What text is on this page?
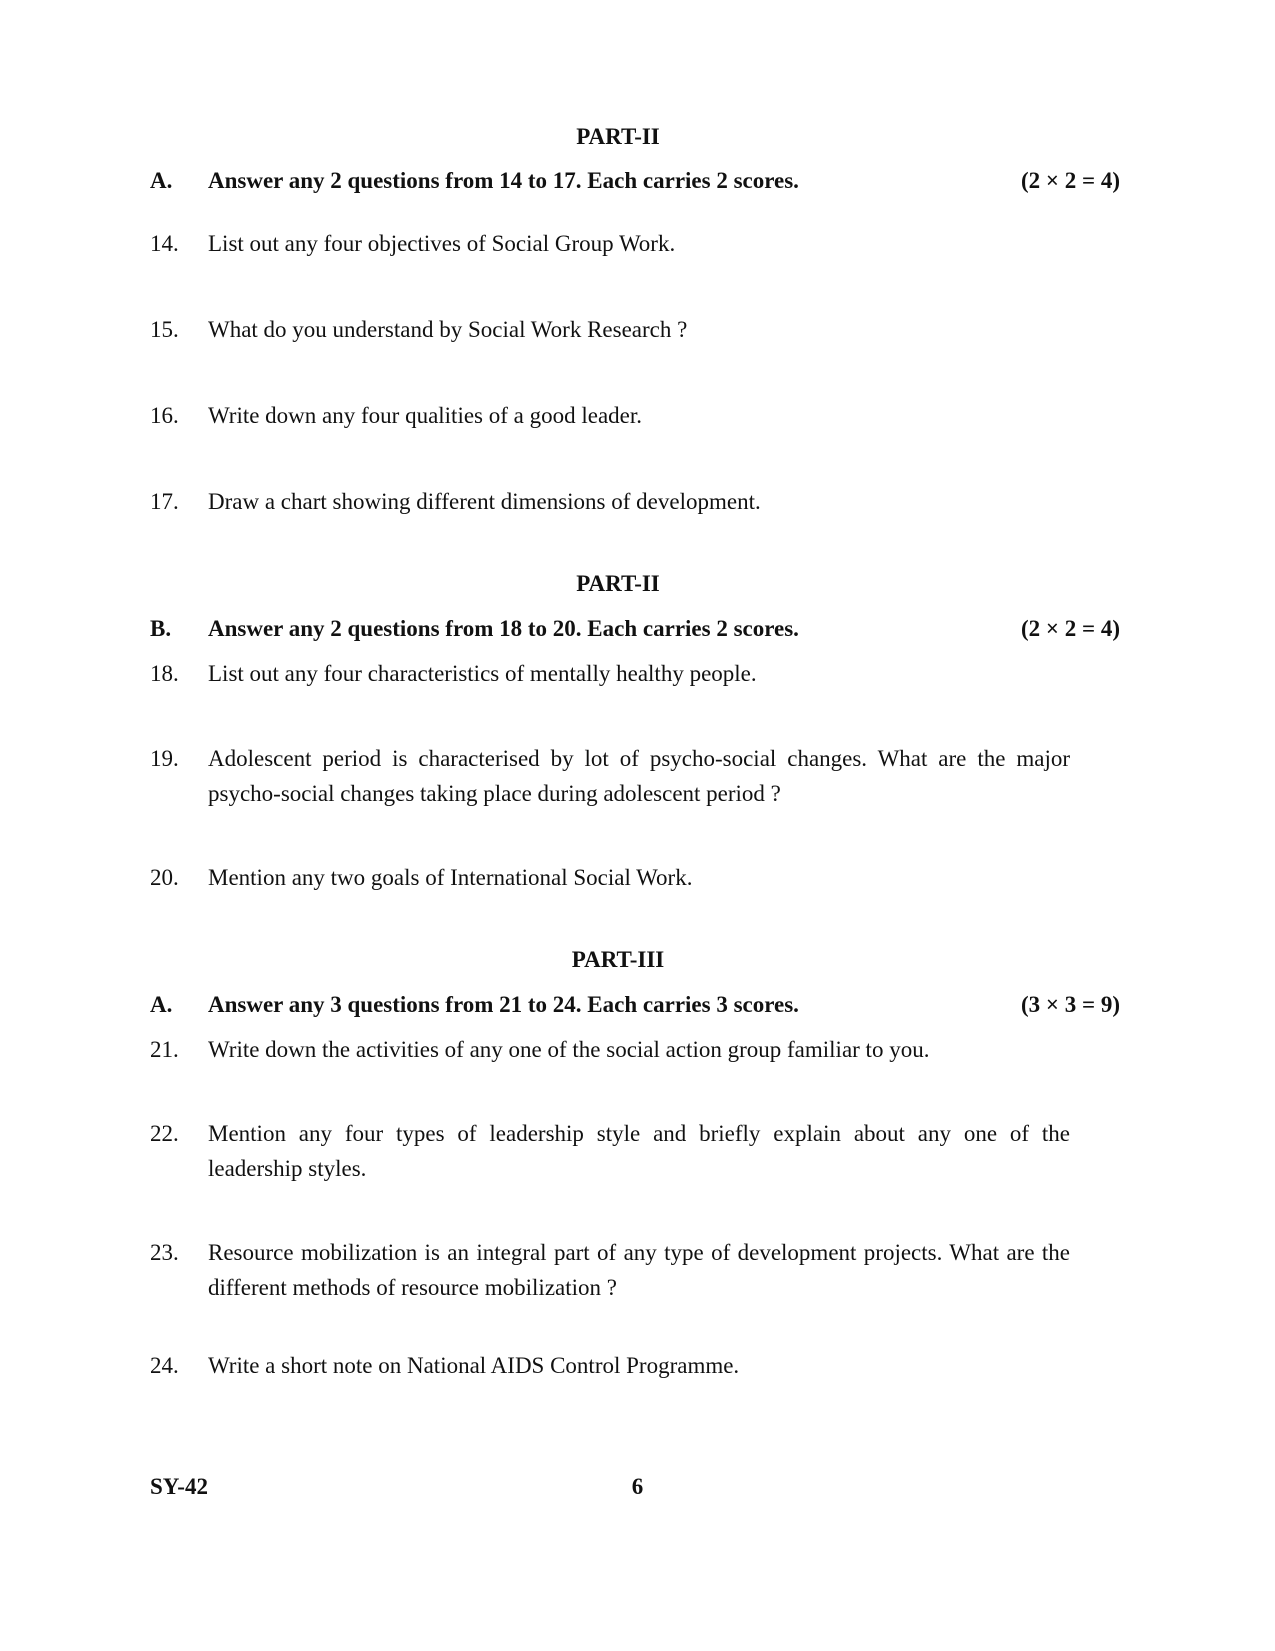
PART-II
A. Answer any 2 questions from 14 to 17. Each carries 2 scores.	(2 × 2 = 4)
14. List out any four objectives of Social Group Work.
15. What do you understand by Social Work Research ?
16. Write down any four qualities of a good leader.
17. Draw a chart showing different dimensions of development.
PART-II
B. Answer any 2 questions from 18 to 20. Each carries 2 scores.	(2 × 2 = 4)
18. List out any four characteristics of mentally healthy people.
19. Adolescent period is characterised by lot of psycho-social changes. What are the major psycho-social changes taking place during adolescent period ?
20. Mention any two goals of International Social Work.
PART-III
A. Answer any 3 questions from 21 to 24. Each carries 3 scores.	(3 × 3 = 9)
21. Write down the activities of any one of the social action group familiar to you.
22. Mention any four types of leadership style and briefly explain about any one of the leadership styles.
23. Resource mobilization is an integral part of any type of development projects. What are the different methods of resource mobilization ?
24. Write a short note on National AIDS Control Programme.
SY-42	6
